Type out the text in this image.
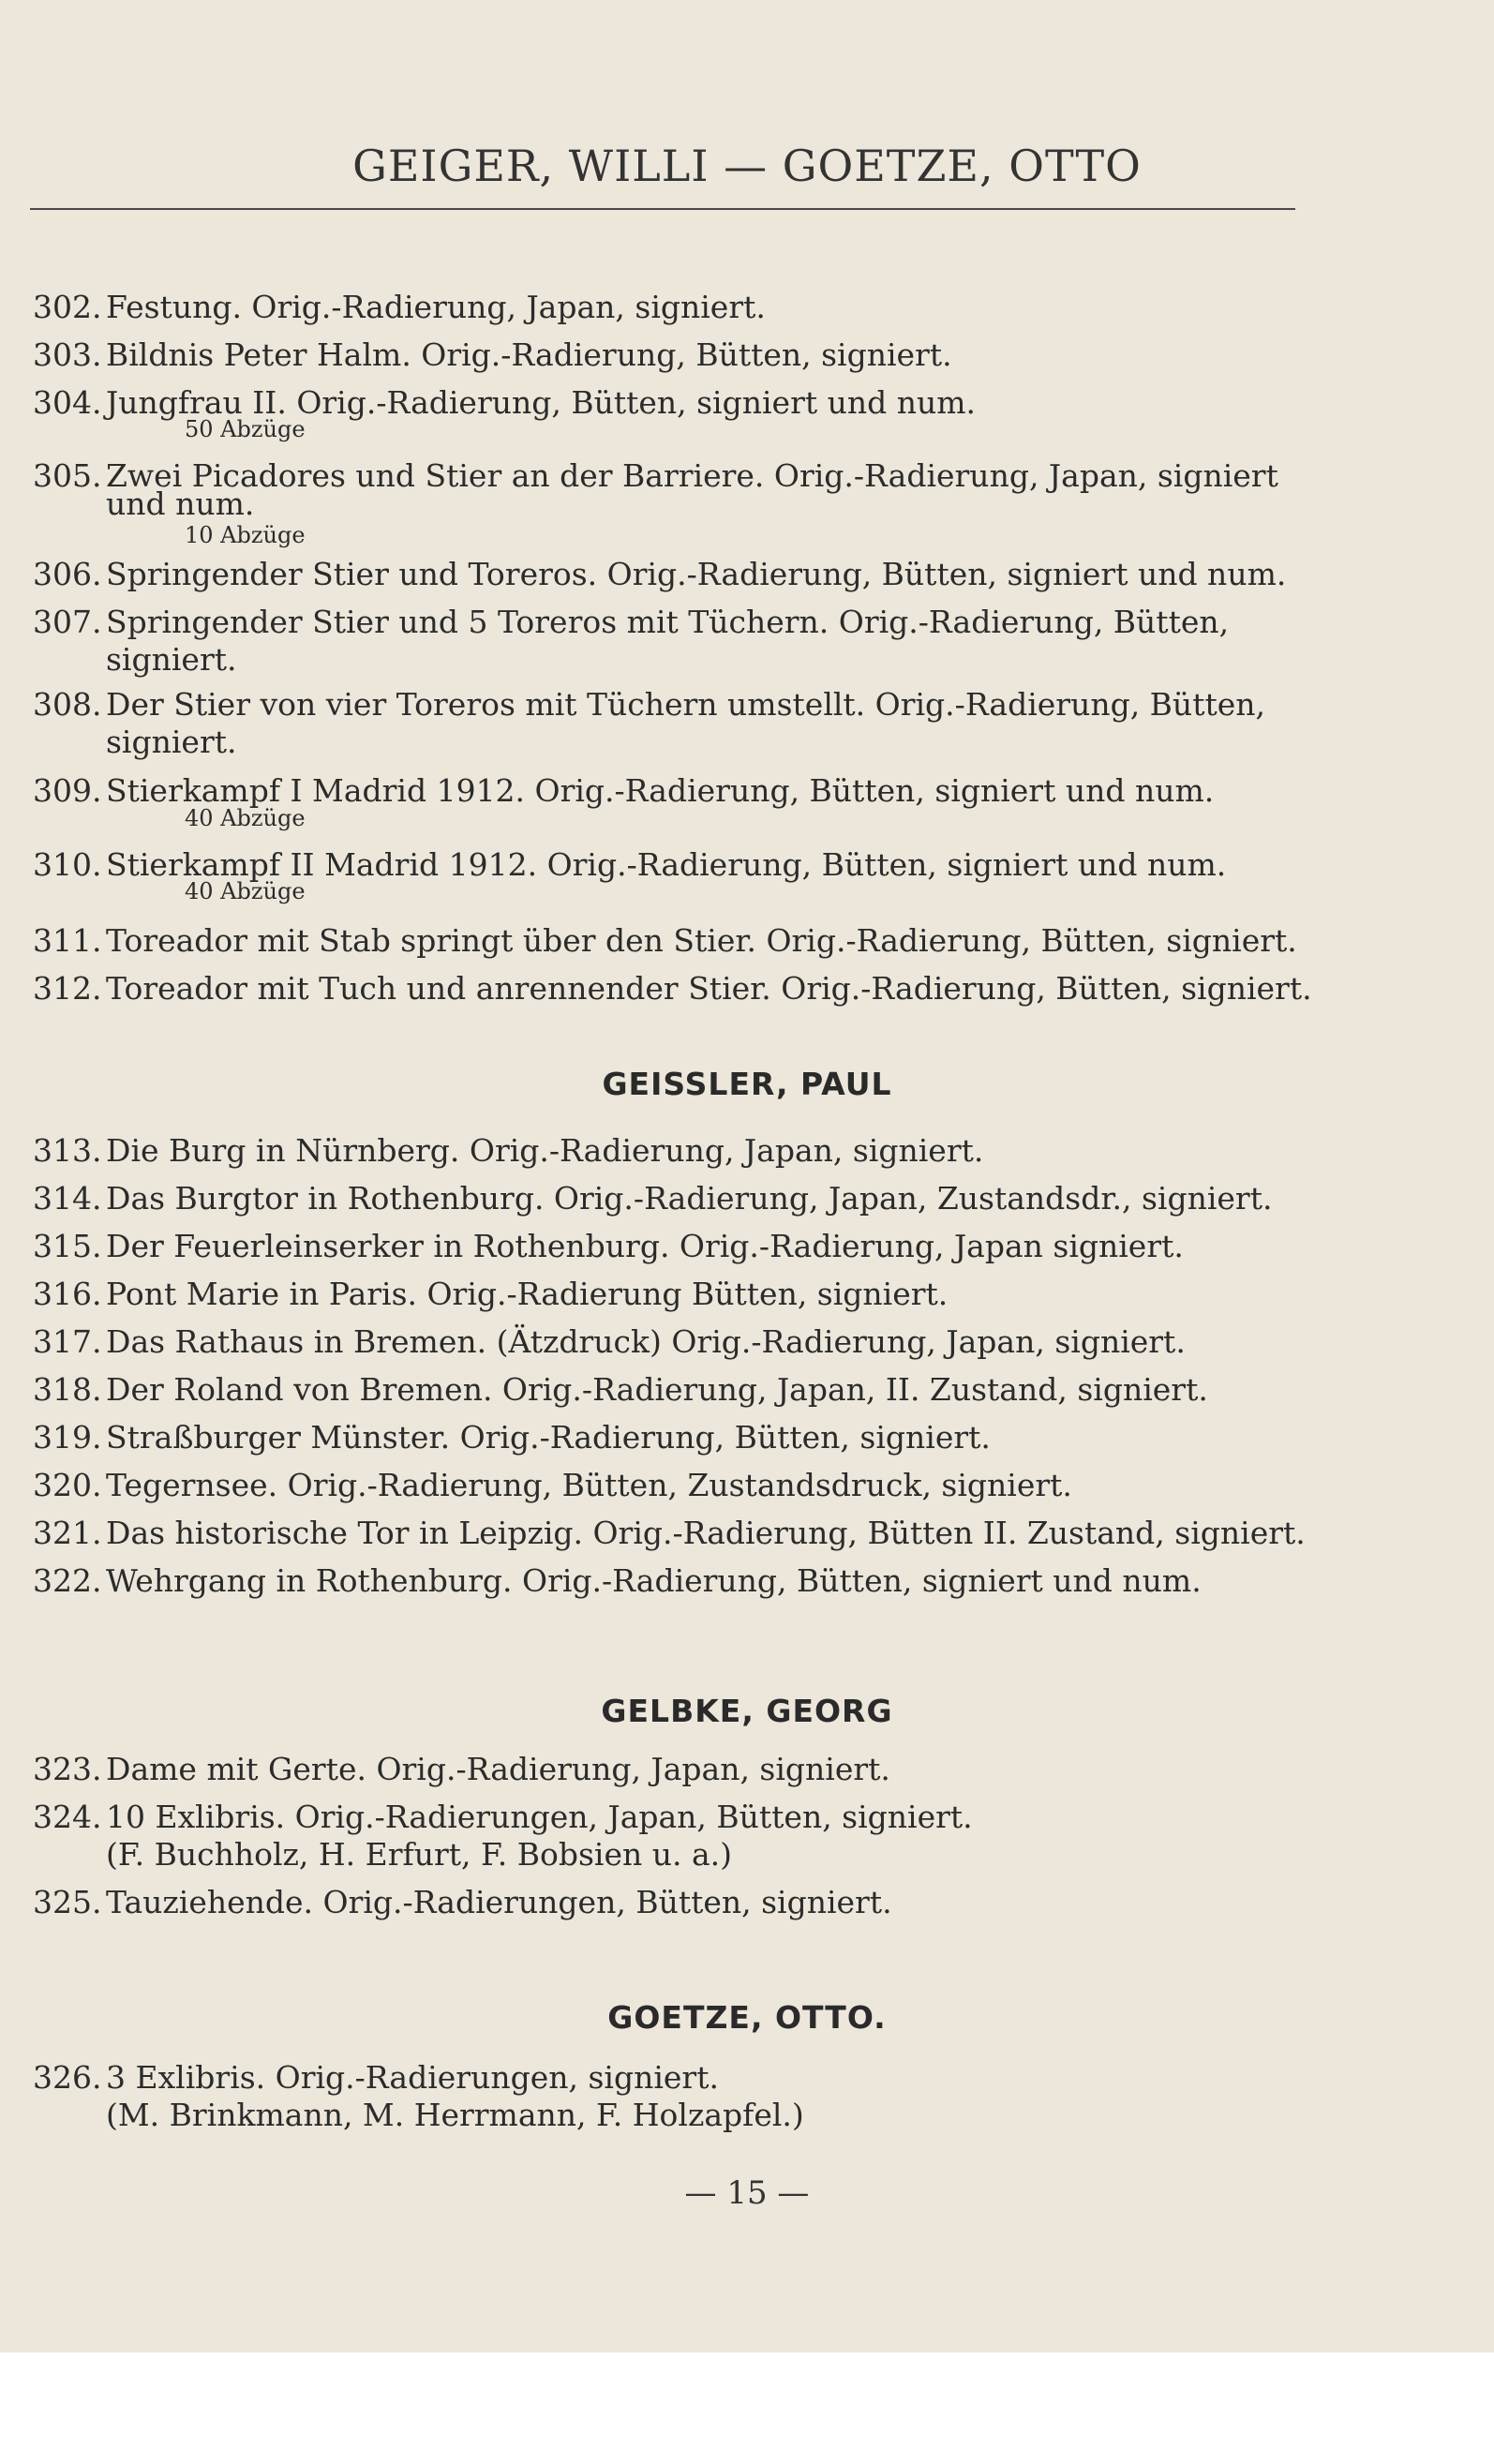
GEIGER, WILLI — GOETZE, OTTO
302. Festung. Orig.-Radierung, Japan, signiert.
303. Bildnis Peter Halm. Orig.-Radierung, Bütten, signiert.
304. Jungfrau II. Orig.-Radierung, Bütten, signiert und num.
50 Abzüge
305. Zwei Picadores und Stier an der Barriere. Orig.-Radierung, Japan, signiert
und num.
10 Abzüge
306. Springender Stier und Toreros. Orig.-Radierung, Bütten, signiert und num.
307. Springender Stier und 5 Toreros mit Tüchern. Orig.-Radierung, Bütten,
signiert.
308. Der Stier von vier Toreros mit Tüchern umstellt. Orig.-Radierung, Bütten,
signiert.
309. Stierkampf I Madrid 1912. Orig.-Radierung, Bütten, signiert und num.
40 Abzüge
310. Stierkampf II Madrid 1912. Orig.-Radierung, Bütten, signiert und num.
40 Abzüge
311. Toreador mit Stab springt über den Stier. Orig.-Radierung, Bütten, signiert.
312. Toreador mit Tuch und anrennender Stier. Orig.-Radierung, Bütten, signiert.
313. Die Burg in Nürnberg. Orig.-Radierung, Japan, signiert.
314. Das Burgtor in Rothenburg. Orig.-Radierung, Japan, Zustandsdr., signiert.
315. Der Feuerleinserker in Rothenburg. Orig.-Radierung, Japan signiert.
316. Pont Marie in Paris. Orig.-Radierung Bütten, signiert.
317. Das Rathaus in Bremen. (Ätzdruck) Orig.-Radierung, Japan, signiert.
318. Der Roland von Bremen. Orig.-Radierung, Japan, II. Zustand, signiert.
319. Straßburger Münster. Orig.-Radierung, Bütten, signiert.
320. Tegernsee. Orig.-Radierung, Bütten, Zustandsdruck, signiert.
321. Das historische Tor in Leipzig. Orig.-Radierung, Bütten II. Zustand, signiert.
322. Wehrgang in Rothenburg. Orig.-Radierung, Bütten, signiert und num.
323. Dame mit Gerte. Orig.-Radierung, Japan, signiert.
324. 10 Exlibris. Orig.-Radierungen, Japan, Bütten, signiert.
(F. Buchholz, H. Erfurt, F. Bobsien u. a.)
325. Tauziehende. Orig.-Radierungen, Bütten, signiert.
326. 3 Exlibris. Orig.-Radierungen, signiert.
(M. Brinkmann, M. Herrmann, F. Holzapfel.)
GEISSLER, PAUL
GELBKE, GEORG
GOETZE, OTTO.
— 15 —
